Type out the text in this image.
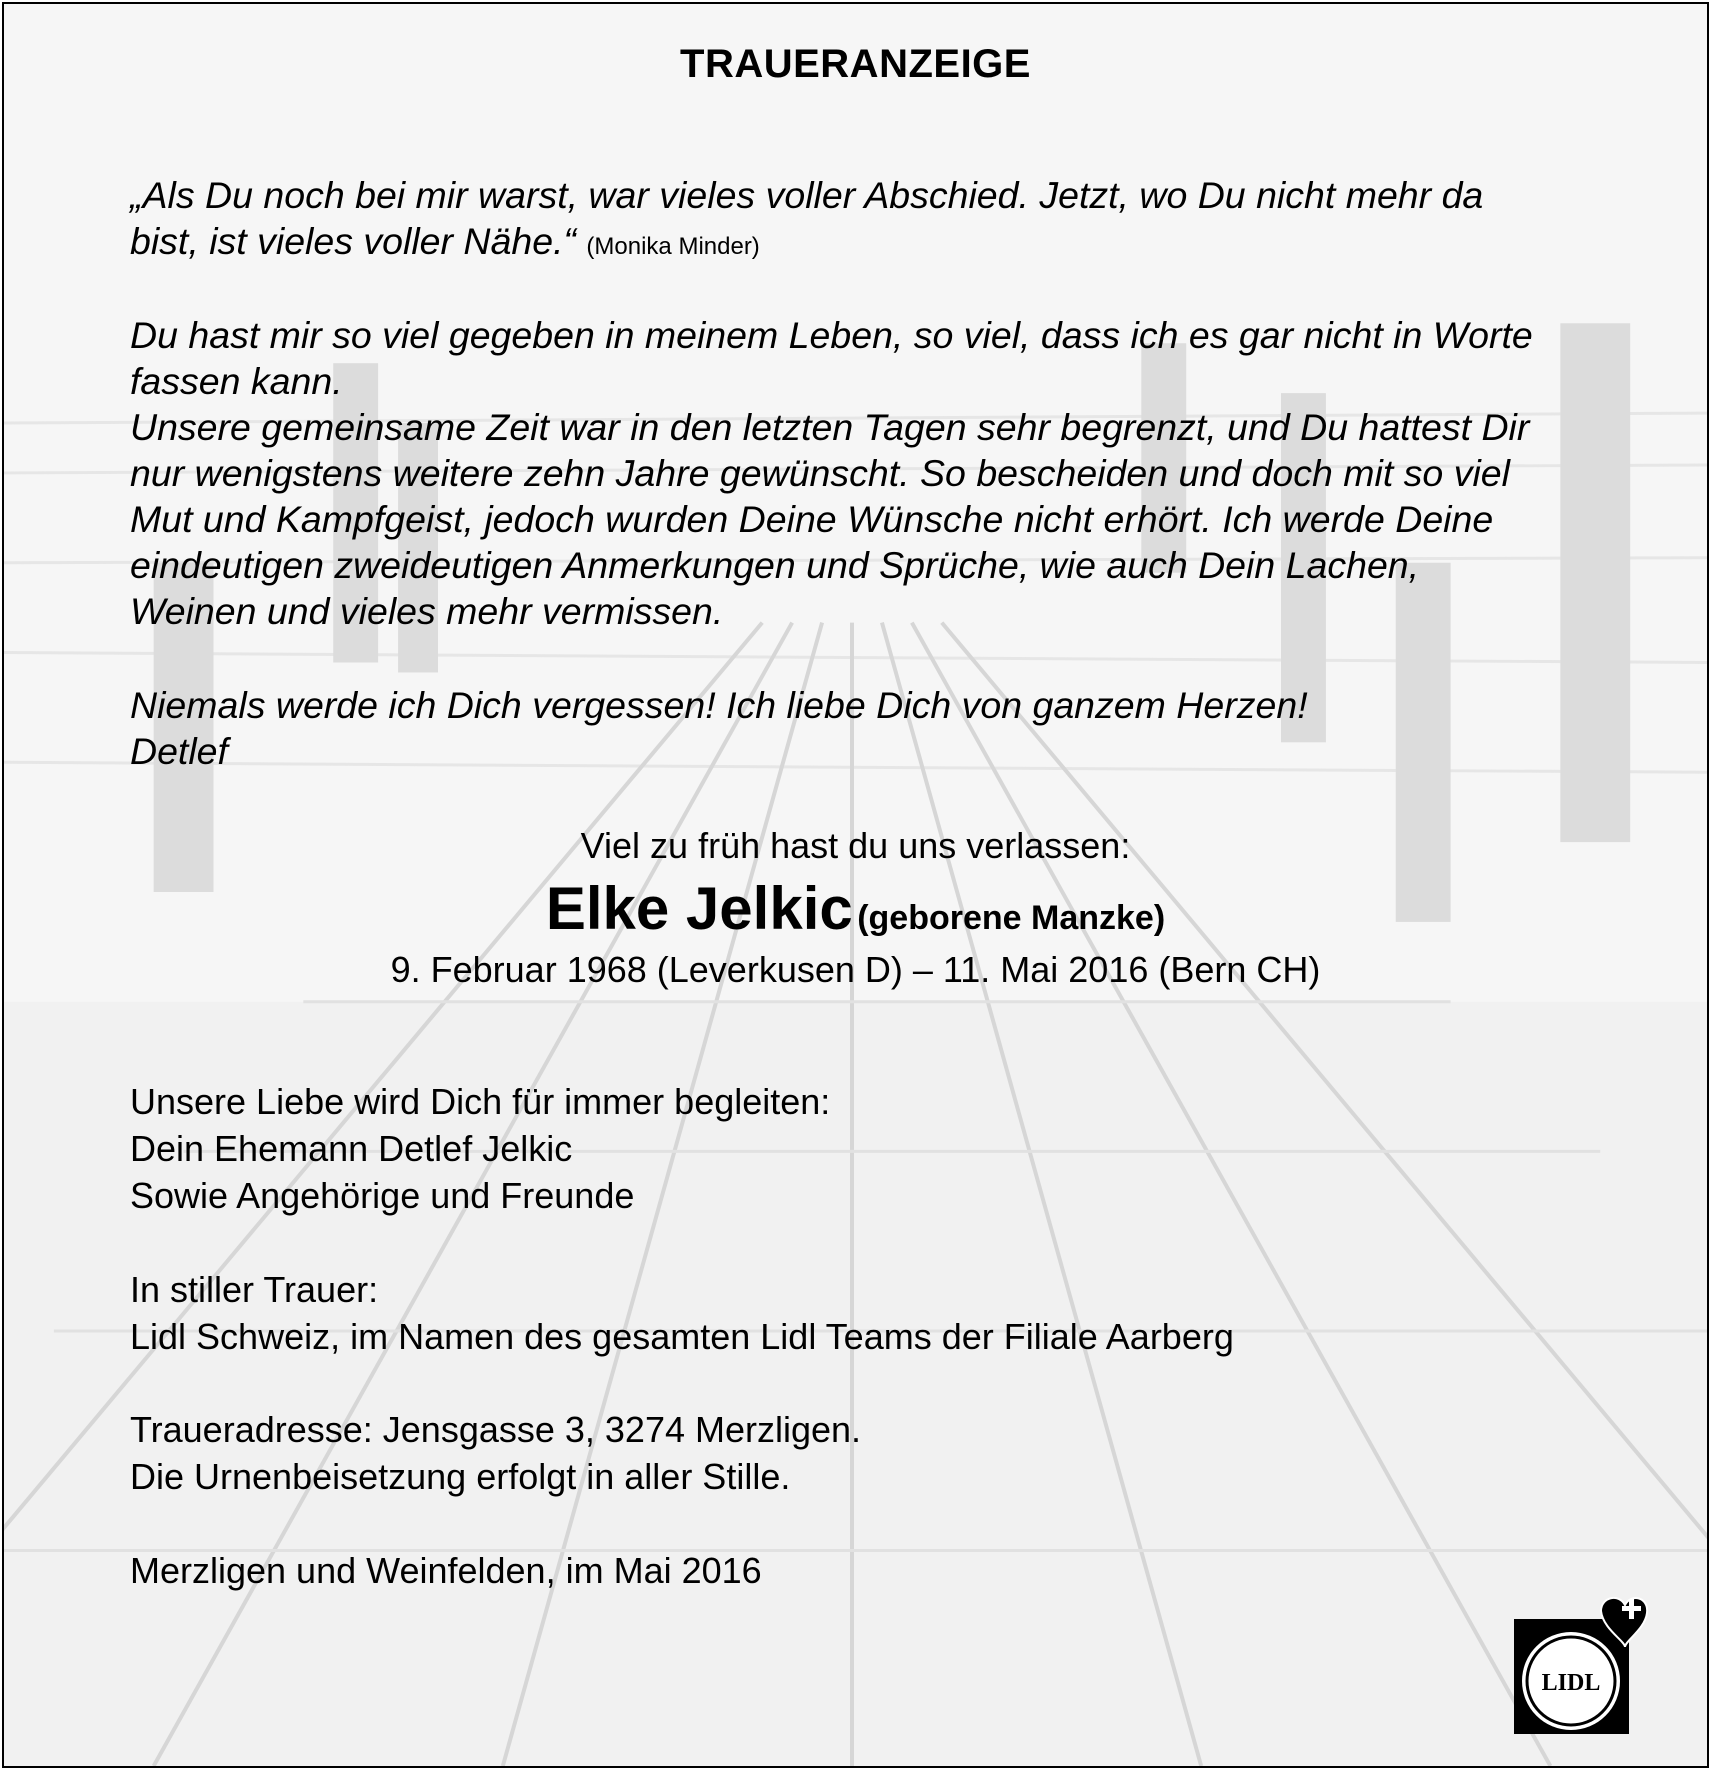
TRAUERANZEIGE
„Als Du noch bei mir warst, war vieles voller Abschied. Jetzt, wo Du nicht mehr da
bist, ist vieles voller Nähe.“ (Monika Minder)
Du hast mir so viel gegeben in meinem Leben, so viel, dass ich es gar nicht in Worte
fassen kann.
Unsere gemeinsame Zeit war in den letzten Tagen sehr begrenzt, und Du hattest Dir
nur wenigstens weitere zehn Jahre gewünscht. So bescheiden und doch mit so viel
Mut und Kampfgeist, jedoch wurden Deine Wünsche nicht erhört. Ich werde Deine
eindeutigen zweideutigen Anmerkungen und Sprüche, wie auch Dein Lachen,
Weinen und vieles mehr vermissen.
Niemals werde ich Dich vergessen! Ich liebe Dich von ganzem Herzen!
Detlef
Viel zu früh hast du uns verlassen:
Elke Jelkic (geborene Manzke)
9. Februar 1968 (Leverkusen D) – 11. Mai 2016 (Bern CH)
Unsere Liebe wird Dich für immer begleiten:
Dein Ehemann Detlef Jelkic
Sowie Angehörige und Freunde
In stiller Trauer:
Lidl Schweiz, im Namen des gesamten Lidl Teams der Filiale Aarberg
Traueradresse: Jensgasse 3, 3274 Merzligen.
Die Urnenbeisetzung erfolgt in aller Stille.
Merzligen und Weinfelden, im Mai 2016
LIDL
